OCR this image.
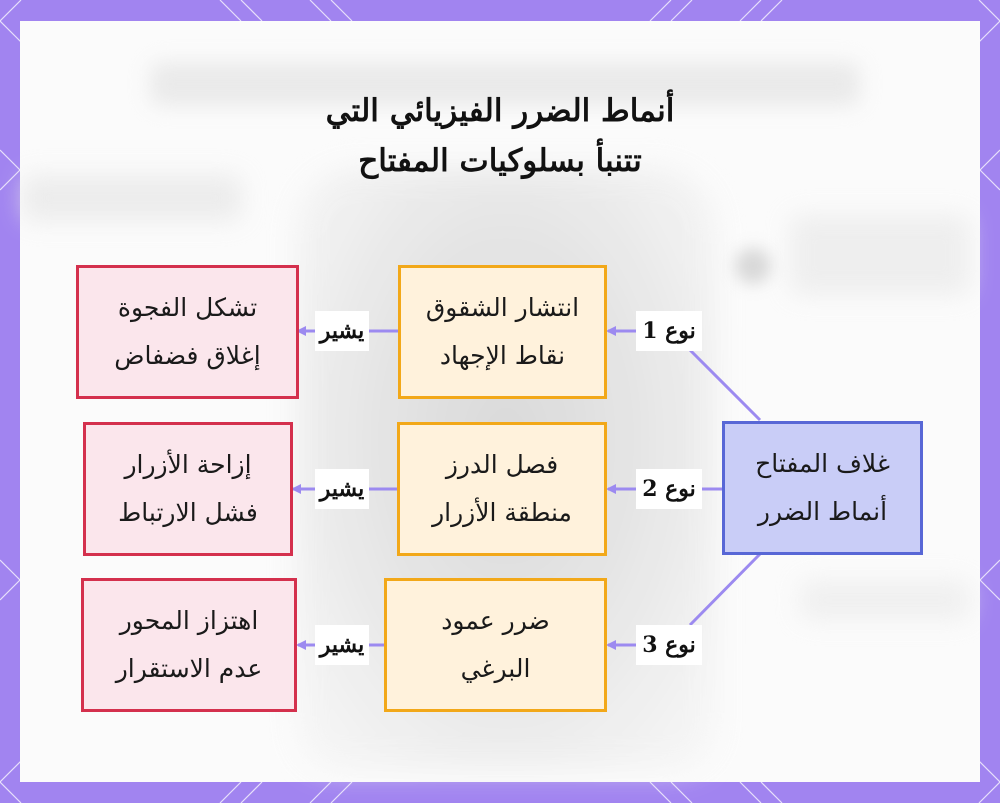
أنماط الضرر الفيزيائي التي
تتنبأ بسلوكيات المفتاح
غلاف المفتاح
أنماط الضرر
نوع 1
نوع 2
نوع 3
انتشار الشقوق
نقاط الإجهاد
فصل الدرز
منطقة الأزرار
ضرر عمود
البرغي
يشير
يشير
يشير
تشكل الفجوة
إغلاق فضفاض
إزاحة الأزرار
فشل الارتباط
اهتزاز المحور
عدم الاستقرار
